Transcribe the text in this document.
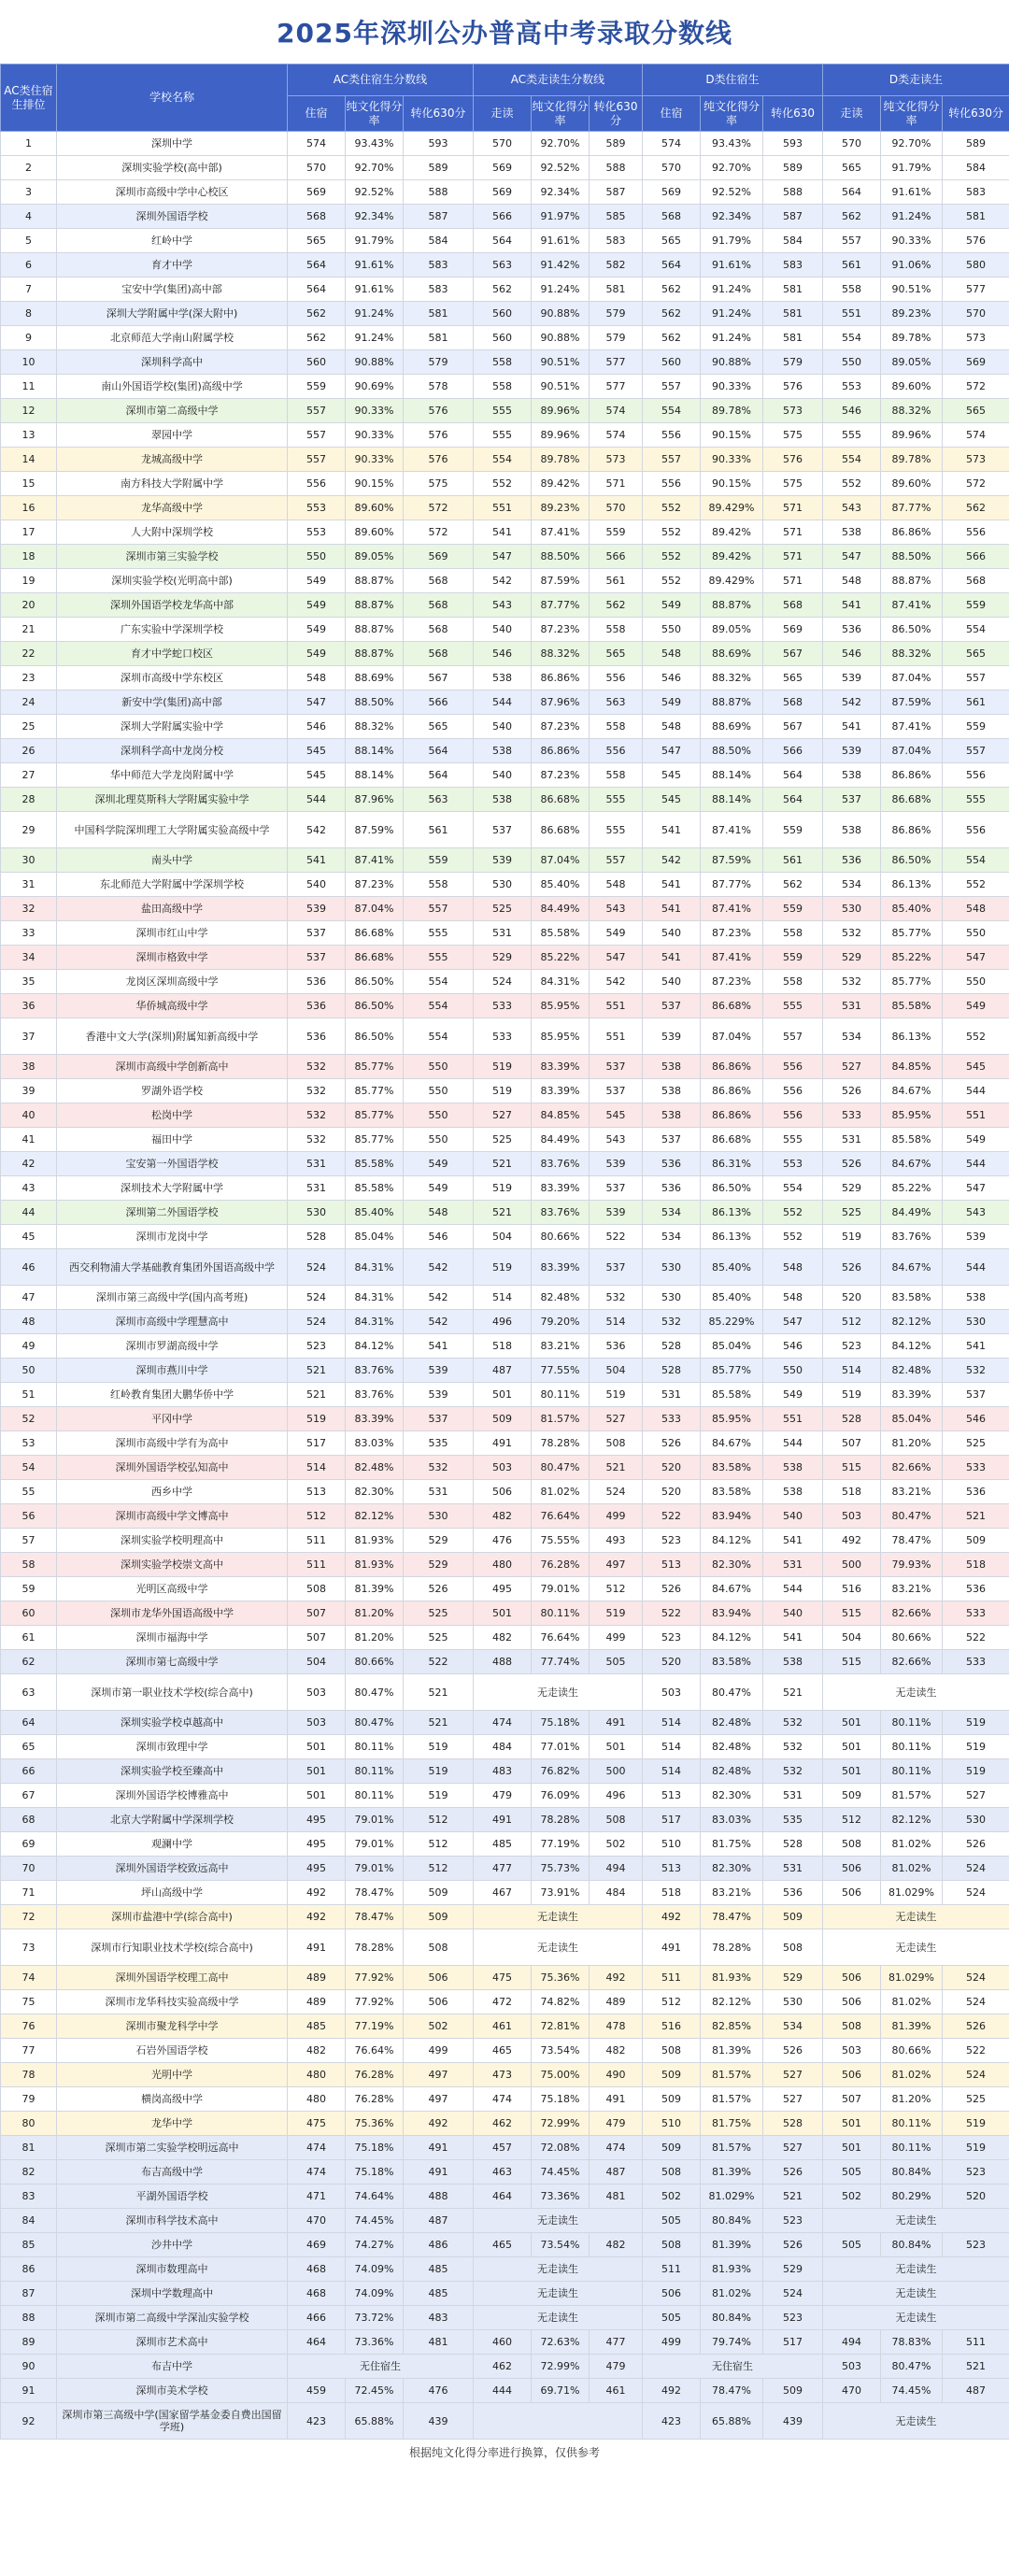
2025年深圳公办普高中考录取分数线
AC类住宿生排位	学校名称	AC类住宿生分数线			AC类走读生分数线			D类住宿生			D类走读生		
		住宿	纯文化得分率	转化630分	走读	纯文化得分率	转化630分	住宿	纯文化得分率	转化630	走读	纯文化得分率	转化630分
1	深圳中学	574	93.43%	593	570	92.70%	589	574	93.43%	593	570	92.70%	589
2	深圳实验学校(高中部)	570	92.70%	589	569	92.52%	588	570	92.70%	589	565	91.79%	584
3	深圳市高级中学中心校区	569	92.52%	588	569	92.34%	587	569	92.52%	588	564	91.61%	583
4	深圳外国语学校	568	92.34%	587	566	91.97%	585	568	92.34%	587	562	91.24%	581
5	红岭中学	565	91.79%	584	564	91.61%	583	565	91.79%	584	557	90.33%	576
6	育才中学	564	91.61%	583	563	91.42%	582	564	91.61%	583	561	91.06%	580
7	宝安中学(集团)高中部	564	91.61%	583	562	91.24%	581	562	91.24%	581	558	90.51%	577
8	深圳大学附属中学(深大附中)	562	91.24%	581	560	90.88%	579	562	91.24%	581	551	89.23%	570
9	北京师范大学南山附属学校	562	91.24%	581	560	90.88%	579	562	91.24%	581	554	89.78%	573
10	深圳科学高中	560	90.88%	579	558	90.51%	577	560	90.88%	579	550	89.05%	569
11	南山外国语学校(集团)高级中学	559	90.69%	578	558	90.51%	577	557	90.33%	576	553	89.60%	572
12	深圳市第二高级中学	557	90.33%	576	555	89.96%	574	554	89.78%	573	546	88.32%	565
13	翠园中学	557	90.33%	576	555	89.96%	574	556	90.15%	575	555	89.96%	574
14	龙城高级中学	557	90.33%	576	554	89.78%	573	557	90.33%	576	554	89.78%	573
15	南方科技大学附属中学	556	90.15%	575	552	89.42%	571	556	90.15%	575	552	89.60%	572
16	龙华高级中学	553	89.60%	572	551	89.23%	570	552	89.429%	571	543	87.77%	562
17	人大附中深圳学校	553	89.60%	572	541	87.41%	559	552	89.42%	571	538	86.86%	556
18	深圳市第三实验学校	550	89.05%	569	547	88.50%	566	552	89.42%	571	547	88.50%	566
19	深圳实验学校(光明高中部)	549	88.87%	568	542	87.59%	561	552	89.429%	571	548	88.87%	568
20	深圳外国语学校龙华高中部	549	88.87%	568	543	87.77%	562	549	88.87%	568	541	87.41%	559
21	广东实验中学深圳学校	549	88.87%	568	540	87.23%	558	550	89.05%	569	536	86.50%	554
22	育才中学蛇口校区	549	88.87%	568	546	88.32%	565	548	88.69%	567	546	88.32%	565
23	深圳市高级中学东校区	548	88.69%	567	538	86.86%	556	546	88.32%	565	539	87.04%	557
24	新安中学(集团)高中部	547	88.50%	566	544	87.96%	563	549	88.87%	568	542	87.59%	561
25	深圳大学附属实验中学	546	88.32%	565	540	87.23%	558	548	88.69%	567	541	87.41%	559
26	深圳科学高中龙岗分校	545	88.14%	564	538	86.86%	556	547	88.50%	566	539	87.04%	557
27	华中师范大学龙岗附属中学	545	88.14%	564	540	87.23%	558	545	88.14%	564	538	86.86%	556
28	深圳北理莫斯科大学附属实验中学	544	87.96%	563	538	86.68%	555	545	88.14%	564	537	86.68%	555
29	中国科学院深圳理工大学附属实验高级中学	542	87.59%	561	537	86.68%	555	541	87.41%	559	538	86.86%	556
30	南头中学	541	87.41%	559	539	87.04%	557	542	87.59%	561	536	86.50%	554
31	东北师范大学附属中学深圳学校	540	87.23%	558	530	85.40%	548	541	87.77%	562	534	86.13%	552
32	盐田高级中学	539	87.04%	557	525	84.49%	543	541	87.41%	559	530	85.40%	548
33	深圳市红山中学	537	86.68%	555	531	85.58%	549	540	87.23%	558	532	85.77%	550
34	深圳市格致中学	537	86.68%	555	529	85.22%	547	541	87.41%	559	529	85.22%	547
35	龙岗区深圳高级中学	536	86.50%	554	524	84.31%	542	540	87.23%	558	532	85.77%	550
36	华侨城高级中学	536	86.50%	554	533	85.95%	551	537	86.68%	555	531	85.58%	549
37	香港中文大学(深圳)附属知新高级中学	536	86.50%	554	533	85.95%	551	539	87.04%	557	534	86.13%	552
38	深圳市高级中学创新高中	532	85.77%	550	519	83.39%	537	538	86.86%	556	527	84.85%	545
39	罗湖外语学校	532	85.77%	550	519	83.39%	537	538	86.86%	556	526	84.67%	544
40	松岗中学	532	85.77%	550	527	84.85%	545	538	86.86%	556	533	85.95%	551
41	福田中学	532	85.77%	550	525	84.49%	543	537	86.68%	555	531	85.58%	549
42	宝安第一外国语学校	531	85.58%	549	521	83.76%	539	536	86.31%	553	526	84.67%	544
43	深圳技术大学附属中学	531	85.58%	549	519	83.39%	537	536	86.50%	554	529	85.22%	547
44	深圳第二外国语学校	530	85.40%	548	521	83.76%	539	534	86.13%	552	525	84.49%	543
45	深圳市龙岗中学	528	85.04%	546	504	80.66%	522	534	86.13%	552	519	83.76%	539
46	西交利物浦大学基础教育集团外国语高级中学	524	84.31%	542	519	83.39%	537	530	85.40%	548	526	84.67%	544
47	深圳市第三高级中学(国内高考班)	524	84.31%	542	514	82.48%	532	530	85.40%	548	520	83.58%	538
48	深圳市高级中学理慧高中	524	84.31%	542	496	79.20%	514	532	85.229%	547	512	82.12%	530
49	深圳市罗湖高级中学	523	84.12%	541	518	83.21%	536	528	85.04%	546	523	84.12%	541
50	深圳市燕川中学	521	83.76%	539	487	77.55%	504	528	85.77%	550	514	82.48%	532
51	红岭教育集团大鹏华侨中学	521	83.76%	539	501	80.11%	519	531	85.58%	549	519	83.39%	537
52	平冈中学	519	83.39%	537	509	81.57%	527	533	85.95%	551	528	85.04%	546
53	深圳市高级中学有为高中	517	83.03%	535	491	78.28%	508	526	84.67%	544	507	81.20%	525
54	深圳外国语学校弘知高中	514	82.48%	532	503	80.47%	521	520	83.58%	538	515	82.66%	533
55	西乡中学	513	82.30%	531	506	81.02%	524	520	83.58%	538	518	83.21%	536
56	深圳市高级中学文博高中	512	82.12%	530	482	76.64%	499	522	83.94%	540	503	80.47%	521
57	深圳实验学校明理高中	511	81.93%	529	476	75.55%	493	523	84.12%	541	492	78.47%	509
58	深圳实验学校崇文高中	511	81.93%	529	480	76.28%	497	513	82.30%	531	500	79.93%	518
59	光明区高级中学	508	81.39%	526	495	79.01%	512	526	84.67%	544	516	83.21%	536
60	深圳市龙华外国语高级中学	507	81.20%	525	501	80.11%	519	522	83.94%	540	515	82.66%	533
61	深圳市福海中学	507	81.20%	525	482	76.64%	499	523	84.12%	541	504	80.66%	522
62	深圳市第七高级中学	504	80.66%	522	488	77.74%	505	520	83.58%	538	515	82.66%	533
63	深圳市第一职业技术学校(综合高中)	503	80.47%	521	无走读生			503	80.47%	521	无走读生		
64	深圳实验学校卓越高中	503	80.47%	521	474	75.18%	491	514	82.48%	532	501	80.11%	519
65	深圳市致理中学	501	80.11%	519	484	77.01%	501	514	82.48%	532	501	80.11%	519
66	深圳实验学校至臻高中	501	80.11%	519	483	76.82%	500	514	82.48%	532	501	80.11%	519
67	深圳外国语学校博雅高中	501	80.11%	519	479	76.09%	496	513	82.30%	531	509	81.57%	527
68	北京大学附属中学深圳学校	495	79.01%	512	491	78.28%	508	517	83.03%	535	512	82.12%	530
69	观澜中学	495	79.01%	512	485	77.19%	502	510	81.75%	528	508	81.02%	526
70	深圳外国语学校致远高中	495	79.01%	512	477	75.73%	494	513	82.30%	531	506	81.02%	524
71	坪山高级中学	492	78.47%	509	467	73.91%	484	518	83.21%	536	506	81.029%	524
72	深圳市盐港中学(综合高中)	492	78.47%	509	无走读生			492	78.47%	509	无走读生		
73	深圳市行知职业技术学校(综合高中)	491	78.28%	508	无走读生			491	78.28%	508	无走读生		
74	深圳外国语学校理工高中	489	77.92%	506	475	75.36%	492	511	81.93%	529	506	81.029%	524
75	深圳市龙华科技实验高级中学	489	77.92%	506	472	74.82%	489	512	82.12%	530	506	81.02%	524
76	深圳市聚龙科学中学	485	77.19%	502	461	72.81%	478	516	82.85%	534	508	81.39%	526
77	石岩外国语学校	482	76.64%	499	465	73.54%	482	508	81.39%	526	503	80.66%	522
78	光明中学	480	76.28%	497	473	75.00%	490	509	81.57%	527	506	81.02%	524
79	横岗高级中学	480	76.28%	497	474	75.18%	491	509	81.57%	527	507	81.20%	525
80	龙华中学	475	75.36%	492	462	72.99%	479	510	81.75%	528	501	80.11%	519
81	深圳市第二实验学校明远高中	474	75.18%	491	457	72.08%	474	509	81.57%	527	501	80.11%	519
82	布吉高级中学	474	75.18%	491	463	74.45%	487	508	81.39%	526	505	80.84%	523
83	平湖外国语学校	471	74.64%	488	464	73.36%	481	502	81.029%	521	502	80.29%	520
84	深圳市科学技术高中	470	74.45%	487	无走读生			505	80.84%	523	无走读生		
85	沙井中学	469	74.27%	486	465	73.54%	482	508	81.39%	526	505	80.84%	523
86	深圳市数理高中	468	74.09%	485	无走读生			511	81.93%	529	无走读生		
87	深圳中学数理高中	468	74.09%	485	无走读生			506	81.02%	524	无走读生		
88	深圳市第二高级中学深汕实验学校	466	73.72%	483	无走读生			505	80.84%	523	无走读生		
89	深圳市艺术高中	464	73.36%	481	460	72.63%	477	499	79.74%	517	494	78.83%	511
90	布吉中学	无住宿生			462	72.99%	479	无住宿生			503	80.47%	521
91	深圳市美术学校	459	72.45%	476	444	69.71%	461	492	78.47%	509	470	74.45%	487
92	深圳市第三高级中学(国家留学基金委自费出国留学班)	423	65.88%	439				423	65.88%	439	无走读生		
根据纯文化得分率进行换算，仅供参考
